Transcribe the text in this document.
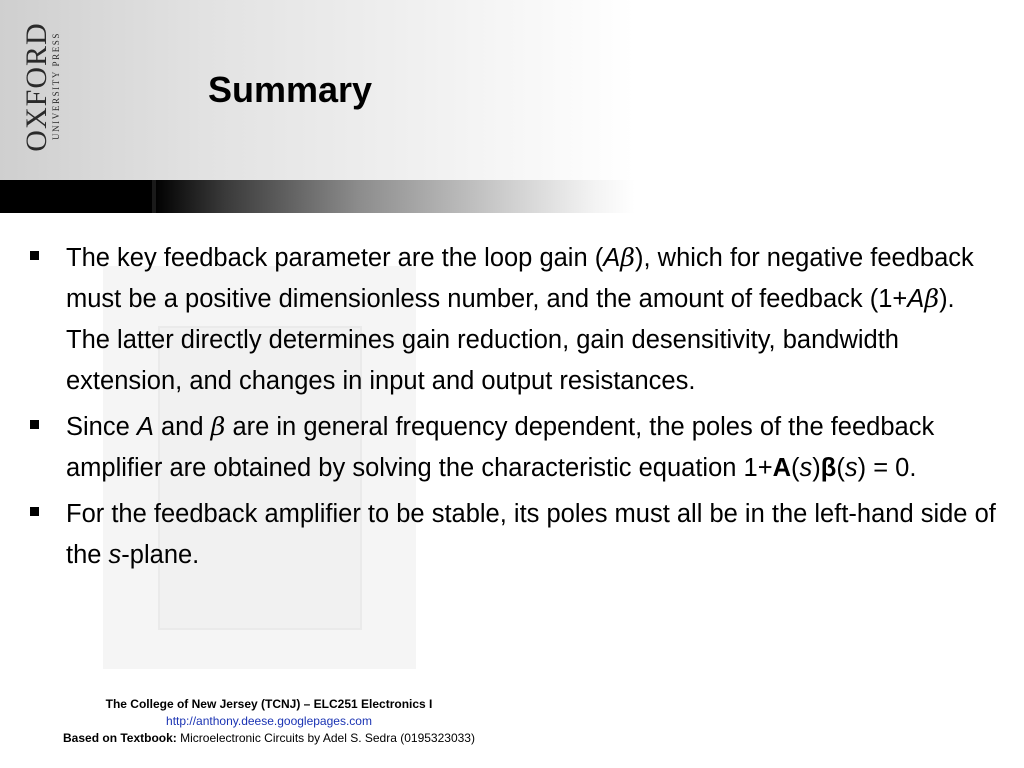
OXFORD
UNIVERSITY PRESS	Summary
The key feedback parameter are the loop gain (Aβ), which for negative feedback must be a positive dimensionless number, and the amount of feedback (1+Aβ). The latter directly determines gain reduction, gain desensitivity, bandwidth extension, and changes in input and output resistances.
Since A and β are in general frequency dependent, the poles of the feedback amplifier are obtained by solving the characteristic equation 1+A(s)β(s) = 0.
For the feedback amplifier to be stable, its poles must all be in the left-hand side of the s-plane.
The College of New Jersey (TCNJ) – ELC251 Electronics I
http://anthony.deese.googlepages.com
Based on Textbook: Microelectronic Circuits by Adel S. Sedra (0195323033)
